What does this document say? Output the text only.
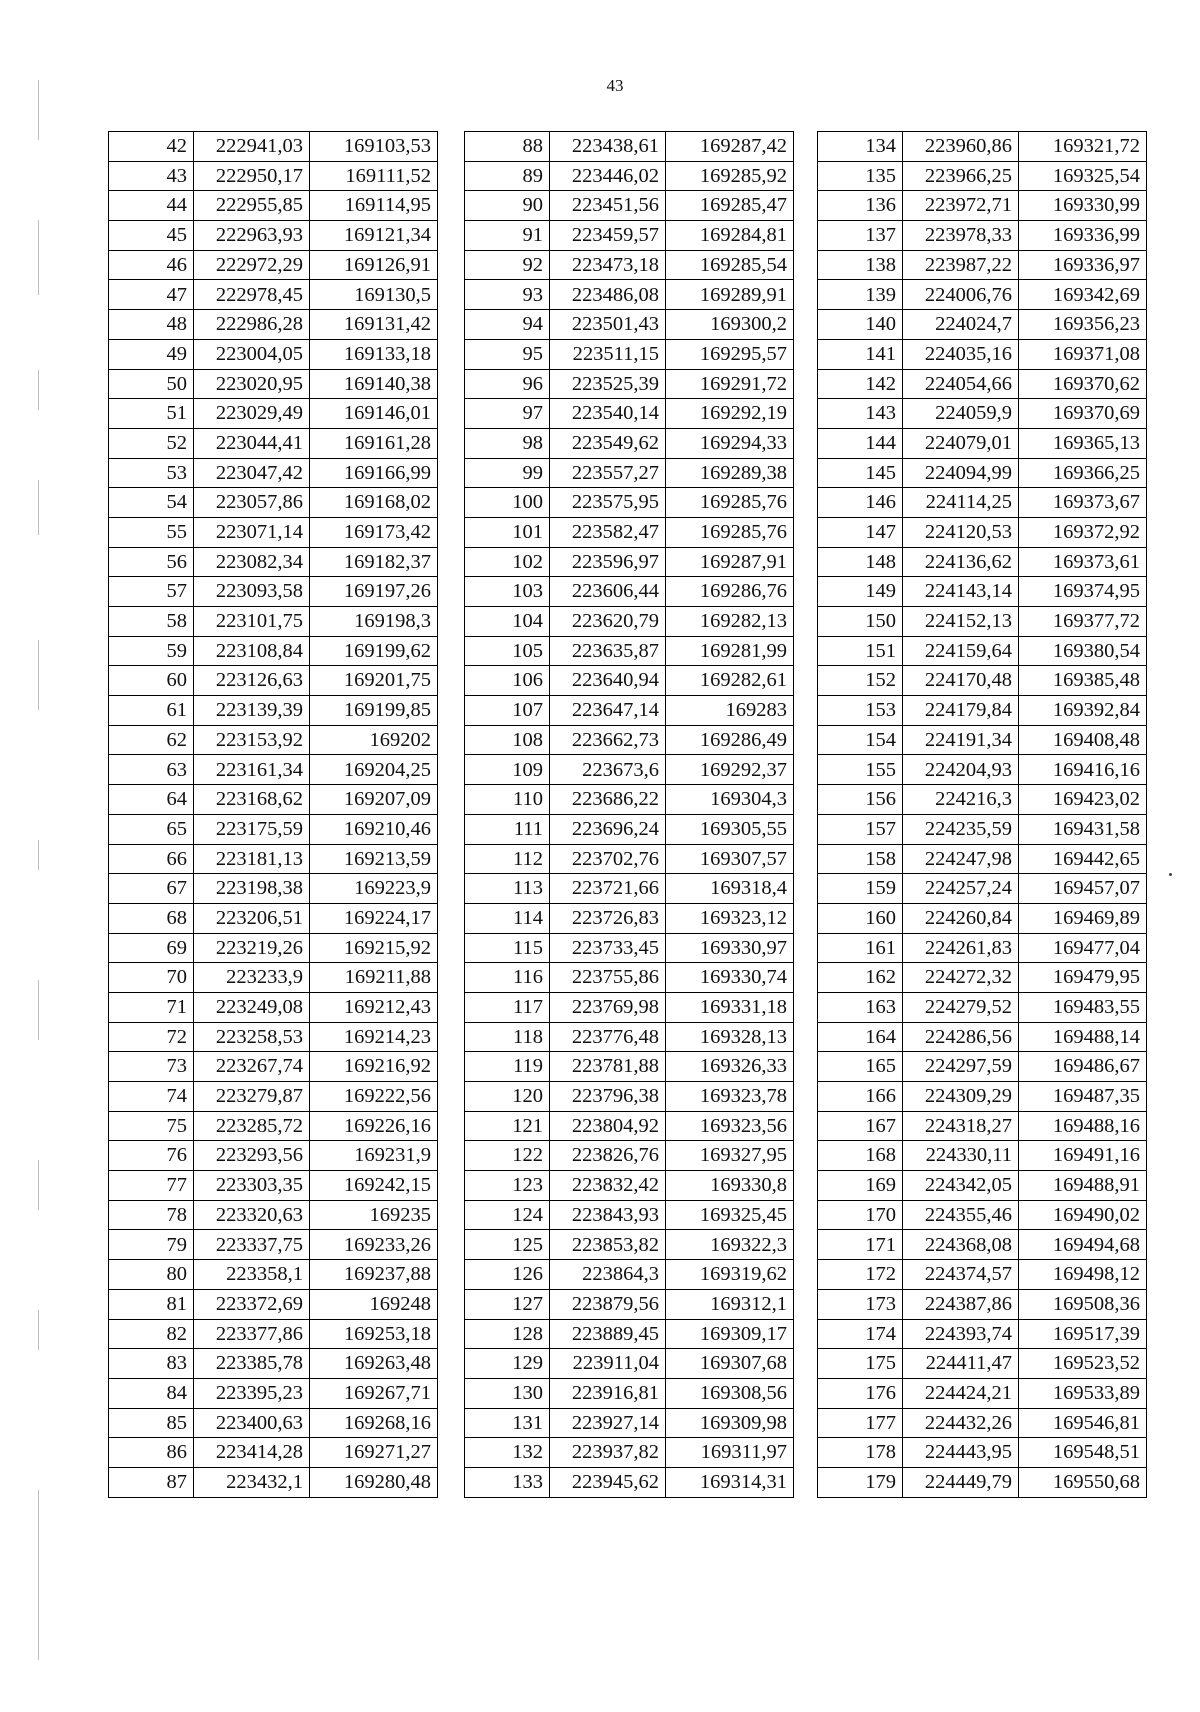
43
42	222941,03	169103,53
43	222950,17	169111,52
44	222955,85	169114,95
45	222963,93	169121,34
46	222972,29	169126,91
47	222978,45	169130,5
48	222986,28	169131,42
49	223004,05	169133,18
50	223020,95	169140,38
51	223029,49	169146,01
52	223044,41	169161,28
53	223047,42	169166,99
54	223057,86	169168,02
55	223071,14	169173,42
56	223082,34	169182,37
57	223093,58	169197,26
58	223101,75	169198,3
59	223108,84	169199,62
60	223126,63	169201,75
61	223139,39	169199,85
62	223153,92	169202
63	223161,34	169204,25
64	223168,62	169207,09
65	223175,59	169210,46
66	223181,13	169213,59
67	223198,38	169223,9
68	223206,51	169224,17
69	223219,26	169215,92
70	223233,9	169211,88
71	223249,08	169212,43
72	223258,53	169214,23
73	223267,74	169216,92
74	223279,87	169222,56
75	223285,72	169226,16
76	223293,56	169231,9
77	223303,35	169242,15
78	223320,63	169235
79	223337,75	169233,26
80	223358,1	169237,88
81	223372,69	169248
82	223377,86	169253,18
83	223385,78	169263,48
84	223395,23	169267,71
85	223400,63	169268,16
86	223414,28	169271,27
87	223432,1	169280,48
88	223438,61	169287,42
89	223446,02	169285,92
90	223451,56	169285,47
91	223459,57	169284,81
92	223473,18	169285,54
93	223486,08	169289,91
94	223501,43	169300,2
95	223511,15	169295,57
96	223525,39	169291,72
97	223540,14	169292,19
98	223549,62	169294,33
99	223557,27	169289,38
100	223575,95	169285,76
101	223582,47	169285,76
102	223596,97	169287,91
103	223606,44	169286,76
104	223620,79	169282,13
105	223635,87	169281,99
106	223640,94	169282,61
107	223647,14	169283
108	223662,73	169286,49
109	223673,6	169292,37
110	223686,22	169304,3
111	223696,24	169305,55
112	223702,76	169307,57
113	223721,66	169318,4
114	223726,83	169323,12
115	223733,45	169330,97
116	223755,86	169330,74
117	223769,98	169331,18
118	223776,48	169328,13
119	223781,88	169326,33
120	223796,38	169323,78
121	223804,92	169323,56
122	223826,76	169327,95
123	223832,42	169330,8
124	223843,93	169325,45
125	223853,82	169322,3
126	223864,3	169319,62
127	223879,56	169312,1
128	223889,45	169309,17
129	223911,04	169307,68
130	223916,81	169308,56
131	223927,14	169309,98
132	223937,82	169311,97
133	223945,62	169314,31
134	223960,86	169321,72
135	223966,25	169325,54
136	223972,71	169330,99
137	223978,33	169336,99
138	223987,22	169336,97
139	224006,76	169342,69
140	224024,7	169356,23
141	224035,16	169371,08
142	224054,66	169370,62
143	224059,9	169370,69
144	224079,01	169365,13
145	224094,99	169366,25
146	224114,25	169373,67
147	224120,53	169372,92
148	224136,62	169373,61
149	224143,14	169374,95
150	224152,13	169377,72
151	224159,64	169380,54
152	224170,48	169385,48
153	224179,84	169392,84
154	224191,34	169408,48
155	224204,93	169416,16
156	224216,3	169423,02
157	224235,59	169431,58
158	224247,98	169442,65
159	224257,24	169457,07
160	224260,84	169469,89
161	224261,83	169477,04
162	224272,32	169479,95
163	224279,52	169483,55
164	224286,56	169488,14
165	224297,59	169486,67
166	224309,29	169487,35
167	224318,27	169488,16
168	224330,11	169491,16
169	224342,05	169488,91
170	224355,46	169490,02
171	224368,08	169494,68
172	224374,57	169498,12
173	224387,86	169508,36
174	224393,74	169517,39
175	224411,47	169523,52
176	224424,21	169533,89
177	224432,26	169546,81
178	224443,95	169548,51
179	224449,79	169550,68
